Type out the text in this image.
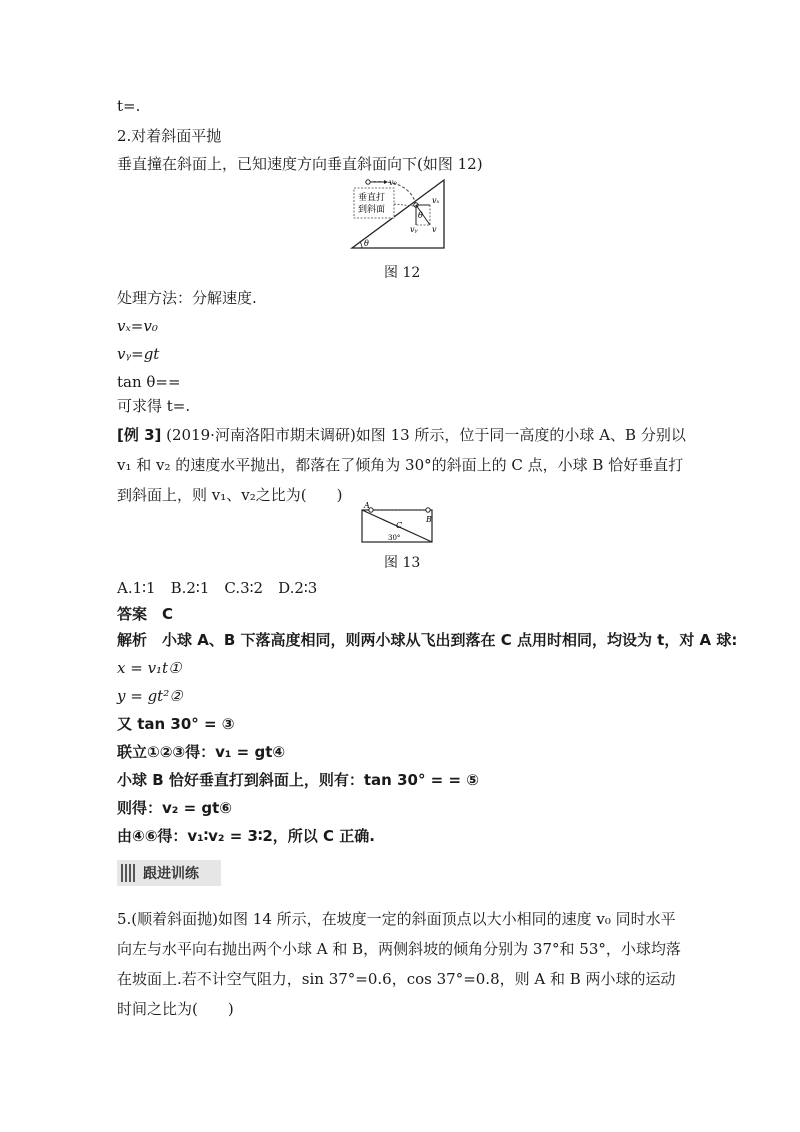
t=.
2.对着斜面平抛
垂直撞在斜面上，已知速度方向垂直斜面向下(如图 12)
v₀
vₓ
vᵧ v
θ
θ
垂直打
到斜面
图 12
处理方法：分解速度.
vₓ=v₀
vᵧ=gt
tan θ==
可求得 t=.
[例 3] (2019·河南洛阳市期末调研)如图 13 所示，位于同一高度的小球 A、B 分别以 v₁ 和 v₂ 的速度水平抛出，都落在了倾角为 30°的斜面上的 C 点，小球 B 恰好垂直打到斜面上，则 v₁、v₂之比为(　　)
A
B
C
30°
图 13
A.1∶1　B.2∶1　C.3∶2　D.2∶3
答案　C
解析　小球 A、B 下落高度相同，则两小球从飞出到落在 C 点用时相同，均设为 t，对 A 球:
x = v₁t①
y = gt²②
又 tan 30° = ③
联立①②③得：v₁ = gt④
小球 B 恰好垂直打到斜面上，则有：tan 30° = = ⑤
则得：v₂ = gt⑥
由④⑥得：v₁∶v₂ = 3∶2，所以 C 正确.
跟进训练
5.(顺着斜面抛)如图 14 所示，在坡度一定的斜面顶点以大小相同的速度 v₀ 同时水平向左与水平向右抛出两个小球 A 和 B，两侧斜坡的倾角分别为 37°和 53°，小球均落在坡面上.若不计空气阻力，sin 37°=0.6，cos 37°=0.8，则 A 和 B 两小球的运动时间之比为(　　)
